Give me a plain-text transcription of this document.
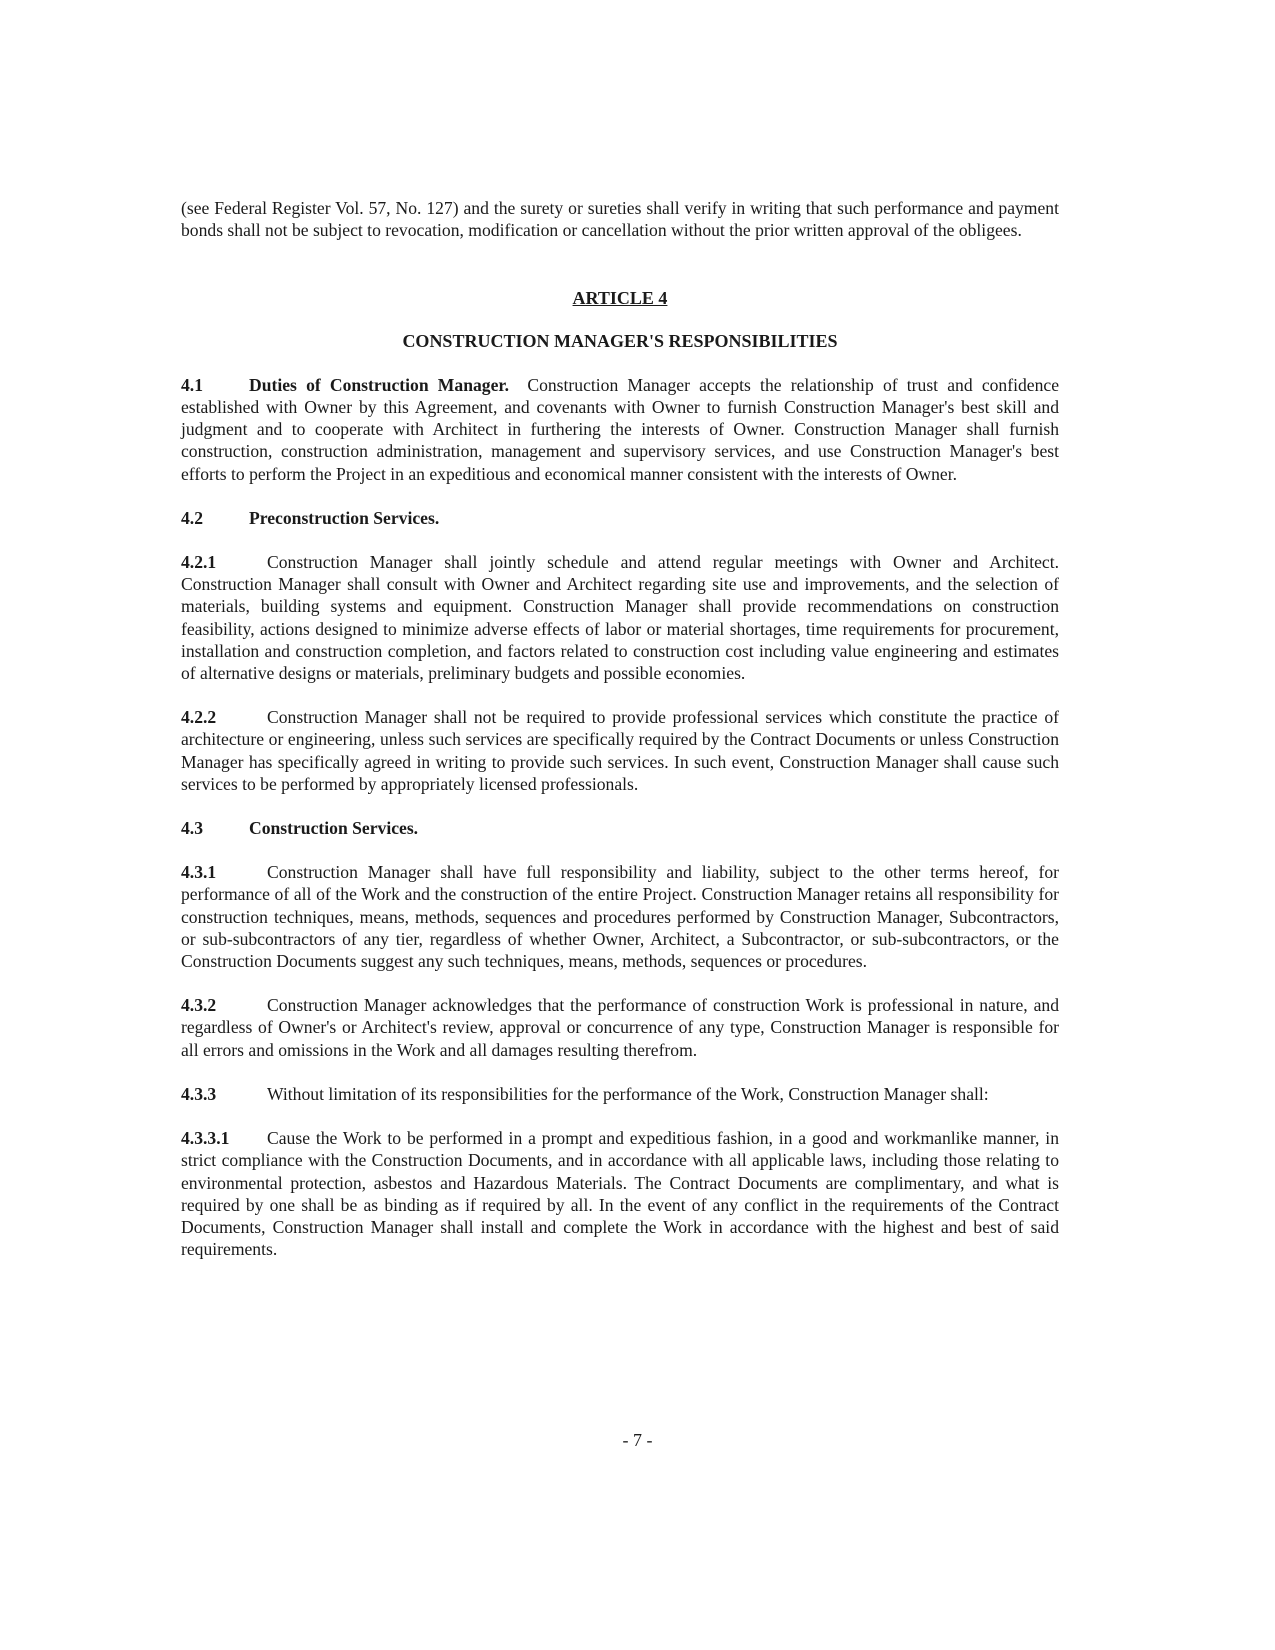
(see Federal Register Vol. 57, No. 127) and the surety or sureties shall verify in writing that such performance and payment bonds shall not be subject to revocation, modification or cancellation without the prior written approval of the obligees.

ARTICLE 4
CONSTRUCTION MANAGER'S RESPONSIBILITIES

4.1	Duties of Construction Manager. Construction Manager accepts the relationship of trust and confidence established with Owner by this Agreement, and covenants with Owner to furnish Construction Manager's best skill and judgment and to cooperate with Architect in furthering the interests of Owner. Construction Manager shall furnish construction, construction administration, management and supervisory services, and use Construction Manager's best efforts to perform the Project in an expeditious and economical manner consistent with the interests of Owner.

4.2	Preconstruction Services.

4.2.1	Construction Manager shall jointly schedule and attend regular meetings with Owner and Architect. Construction Manager shall consult with Owner and Architect regarding site use and improvements, and the selection of materials, building systems and equipment. Construction Manager shall provide recommendations on construction feasibility, actions designed to minimize adverse effects of labor or material shortages, time requirements for procurement, installation and construction completion, and factors related to construction cost including value engineering and estimates of alternative designs or materials, preliminary budgets and possible economies.

4.2.2	Construction Manager shall not be required to provide professional services which constitute the practice of architecture or engineering, unless such services are specifically required by the Contract Documents or unless Construction Manager has specifically agreed in writing to provide such services. In such event, Construction Manager shall cause such services to be performed by appropriately licensed professionals.

4.3	Construction Services.

4.3.1	Construction Manager shall have full responsibility and liability, subject to the other terms hereof, for performance of all of the Work and the construction of the entire Project. Construction Manager retains all responsibility for construction techniques, means, methods, sequences and procedures performed by Construction Manager, Subcontractors, or sub-subcontractors of any tier, regardless of whether Owner, Architect, a Subcontractor, or sub-subcontractors, or the Construction Documents suggest any such techniques, means, methods, sequences or procedures.

4.3.2	Construction Manager acknowledges that the performance of construction Work is professional in nature, and regardless of Owner's or Architect's review, approval or concurrence of any type, Construction Manager is responsible for all errors and omissions in the Work and all damages resulting therefrom.

4.3.3	Without limitation of its responsibilities for the performance of the Work, Construction Manager shall:

4.3.3.1 Cause the Work to be performed in a prompt and expeditious fashion, in a good and workmanlike manner, in strict compliance with the Construction Documents, and in accordance with all applicable laws, including those relating to environmental protection, asbestos and Hazardous Materials. The Contract Documents are complimentary, and what is required by one shall be as binding as if required by all. In the event of any conflict in the requirements of the Contract Documents, Construction Manager shall install and complete the Work in accordance with the highest and best of said requirements.

- 7 -
